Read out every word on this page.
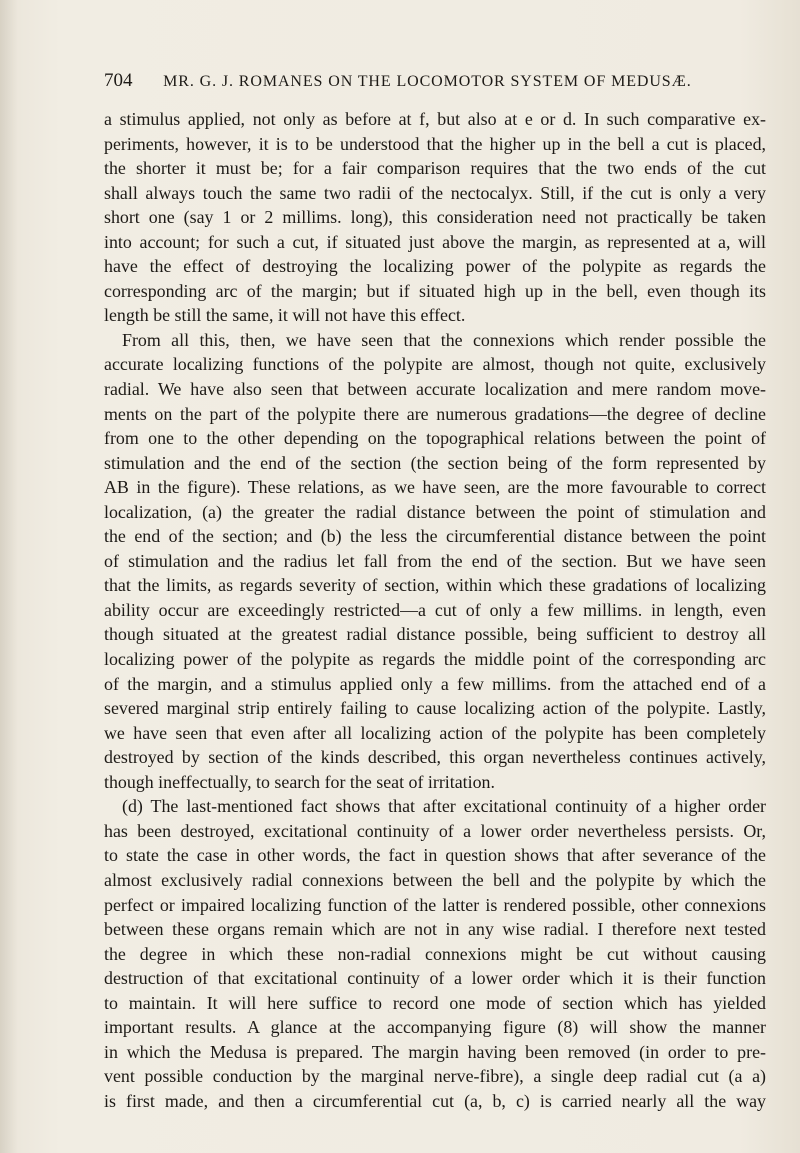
704 MR. G. J. ROMANES ON THE LOCOMOTOR SYSTEM OF MEDUSÆ.
a stimulus applied, not only as before at f, but also at e or d. In such comparative ex-
periments, however, it is to be understood that the higher up in the bell a cut is placed,
the shorter it must be; for a fair comparison requires that the two ends of the cut
shall always touch the same two radii of the nectocalyx. Still, if the cut is only a very
short one (say 1 or 2 millims. long), this consideration need not practically be taken
into account; for such a cut, if situated just above the margin, as represented at a, will
have the effect of destroying the localizing power of the polypite as regards the
corresponding arc of the margin; but if situated high up in the bell, even though its
length be still the same, it will not have this effect.
From all this, then, we have seen that the connexions which render possible the
accurate localizing functions of the polypite are almost, though not quite, exclusively
radial. We have also seen that between accurate localization and mere random move-
ments on the part of the polypite there are numerous gradations—the degree of decline
from one to the other depending on the topographical relations between the point of
stimulation and the end of the section (the section being of the form represented by
AB in the figure). These relations, as we have seen, are the more favourable to correct
localization, (a) the greater the radial distance between the point of stimulation and
the end of the section; and (b) the less the circumferential distance between the point
of stimulation and the radius let fall from the end of the section. But we have seen
that the limits, as regards severity of section, within which these gradations of localizing
ability occur are exceedingly restricted—a cut of only a few millims. in length, even
though situated at the greatest radial distance possible, being sufficient to destroy all
localizing power of the polypite as regards the middle point of the corresponding arc
of the margin, and a stimulus applied only a few millims. from the attached end of a
severed marginal strip entirely failing to cause localizing action of the polypite. Lastly,
we have seen that even after all localizing action of the polypite has been completely
destroyed by section of the kinds described, this organ nevertheless continues actively,
though ineffectually, to search for the seat of irritation.
(d) The last-mentioned fact shows that after excitational continuity of a higher order
has been destroyed, excitational continuity of a lower order nevertheless persists. Or,
to state the case in other words, the fact in question shows that after severance of the
almost exclusively radial connexions between the bell and the polypite by which the
perfect or impaired localizing function of the latter is rendered possible, other connexions
between these organs remain which are not in any wise radial. I therefore next tested
the degree in which these non-radial connexions might be cut without causing
destruction of that excitational continuity of a lower order which it is their function
to maintain. It will here suffice to record one mode of section which has yielded
important results. A glance at the accompanying figure (8) will show the manner
in which the Medusa is prepared. The margin having been removed (in order to pre-
vent possible conduction by the marginal nerve-fibre), a single deep radial cut (a a)
is first made, and then a circumferential cut (a, b, c) is carried nearly all the way
